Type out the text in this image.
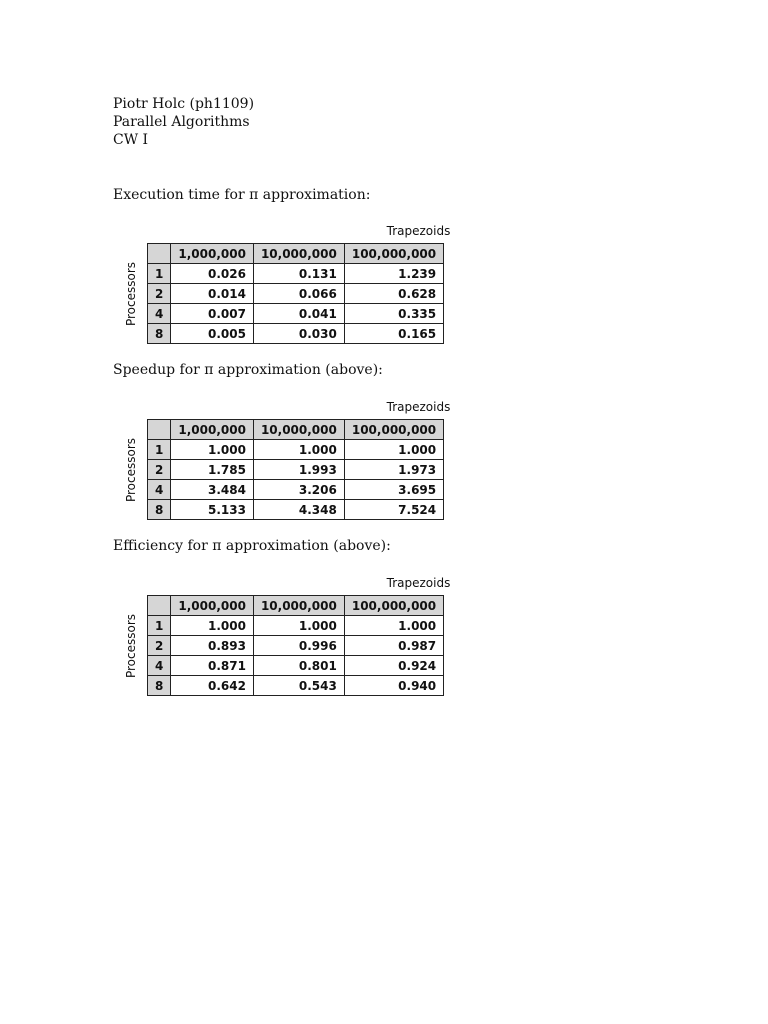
Piotr Holc (ph1109)
Parallel Algorithms
CW I
Execution time for π approximation:
Trapezoids
Processors
	1,000,000	10,000,000	100,000,000
1	0.026	0.131	1.239
2	0.014	0.066	0.628
4	0.007	0.041	0.335
8	0.005	0.030	0.165
Speedup for π approximation (above):
Trapezoids
Processors
	1,000,000	10,000,000	100,000,000
1	1.000	1.000	1.000
2	1.785	1.993	1.973
4	3.484	3.206	3.695
8	5.133	4.348	7.524
Efficiency for π approximation (above):
Trapezoids
Processors
	1,000,000	10,000,000	100,000,000
1	1.000	1.000	1.000
2	0.893	0.996	0.987
4	0.871	0.801	0.924
8	0.642	0.543	0.940
